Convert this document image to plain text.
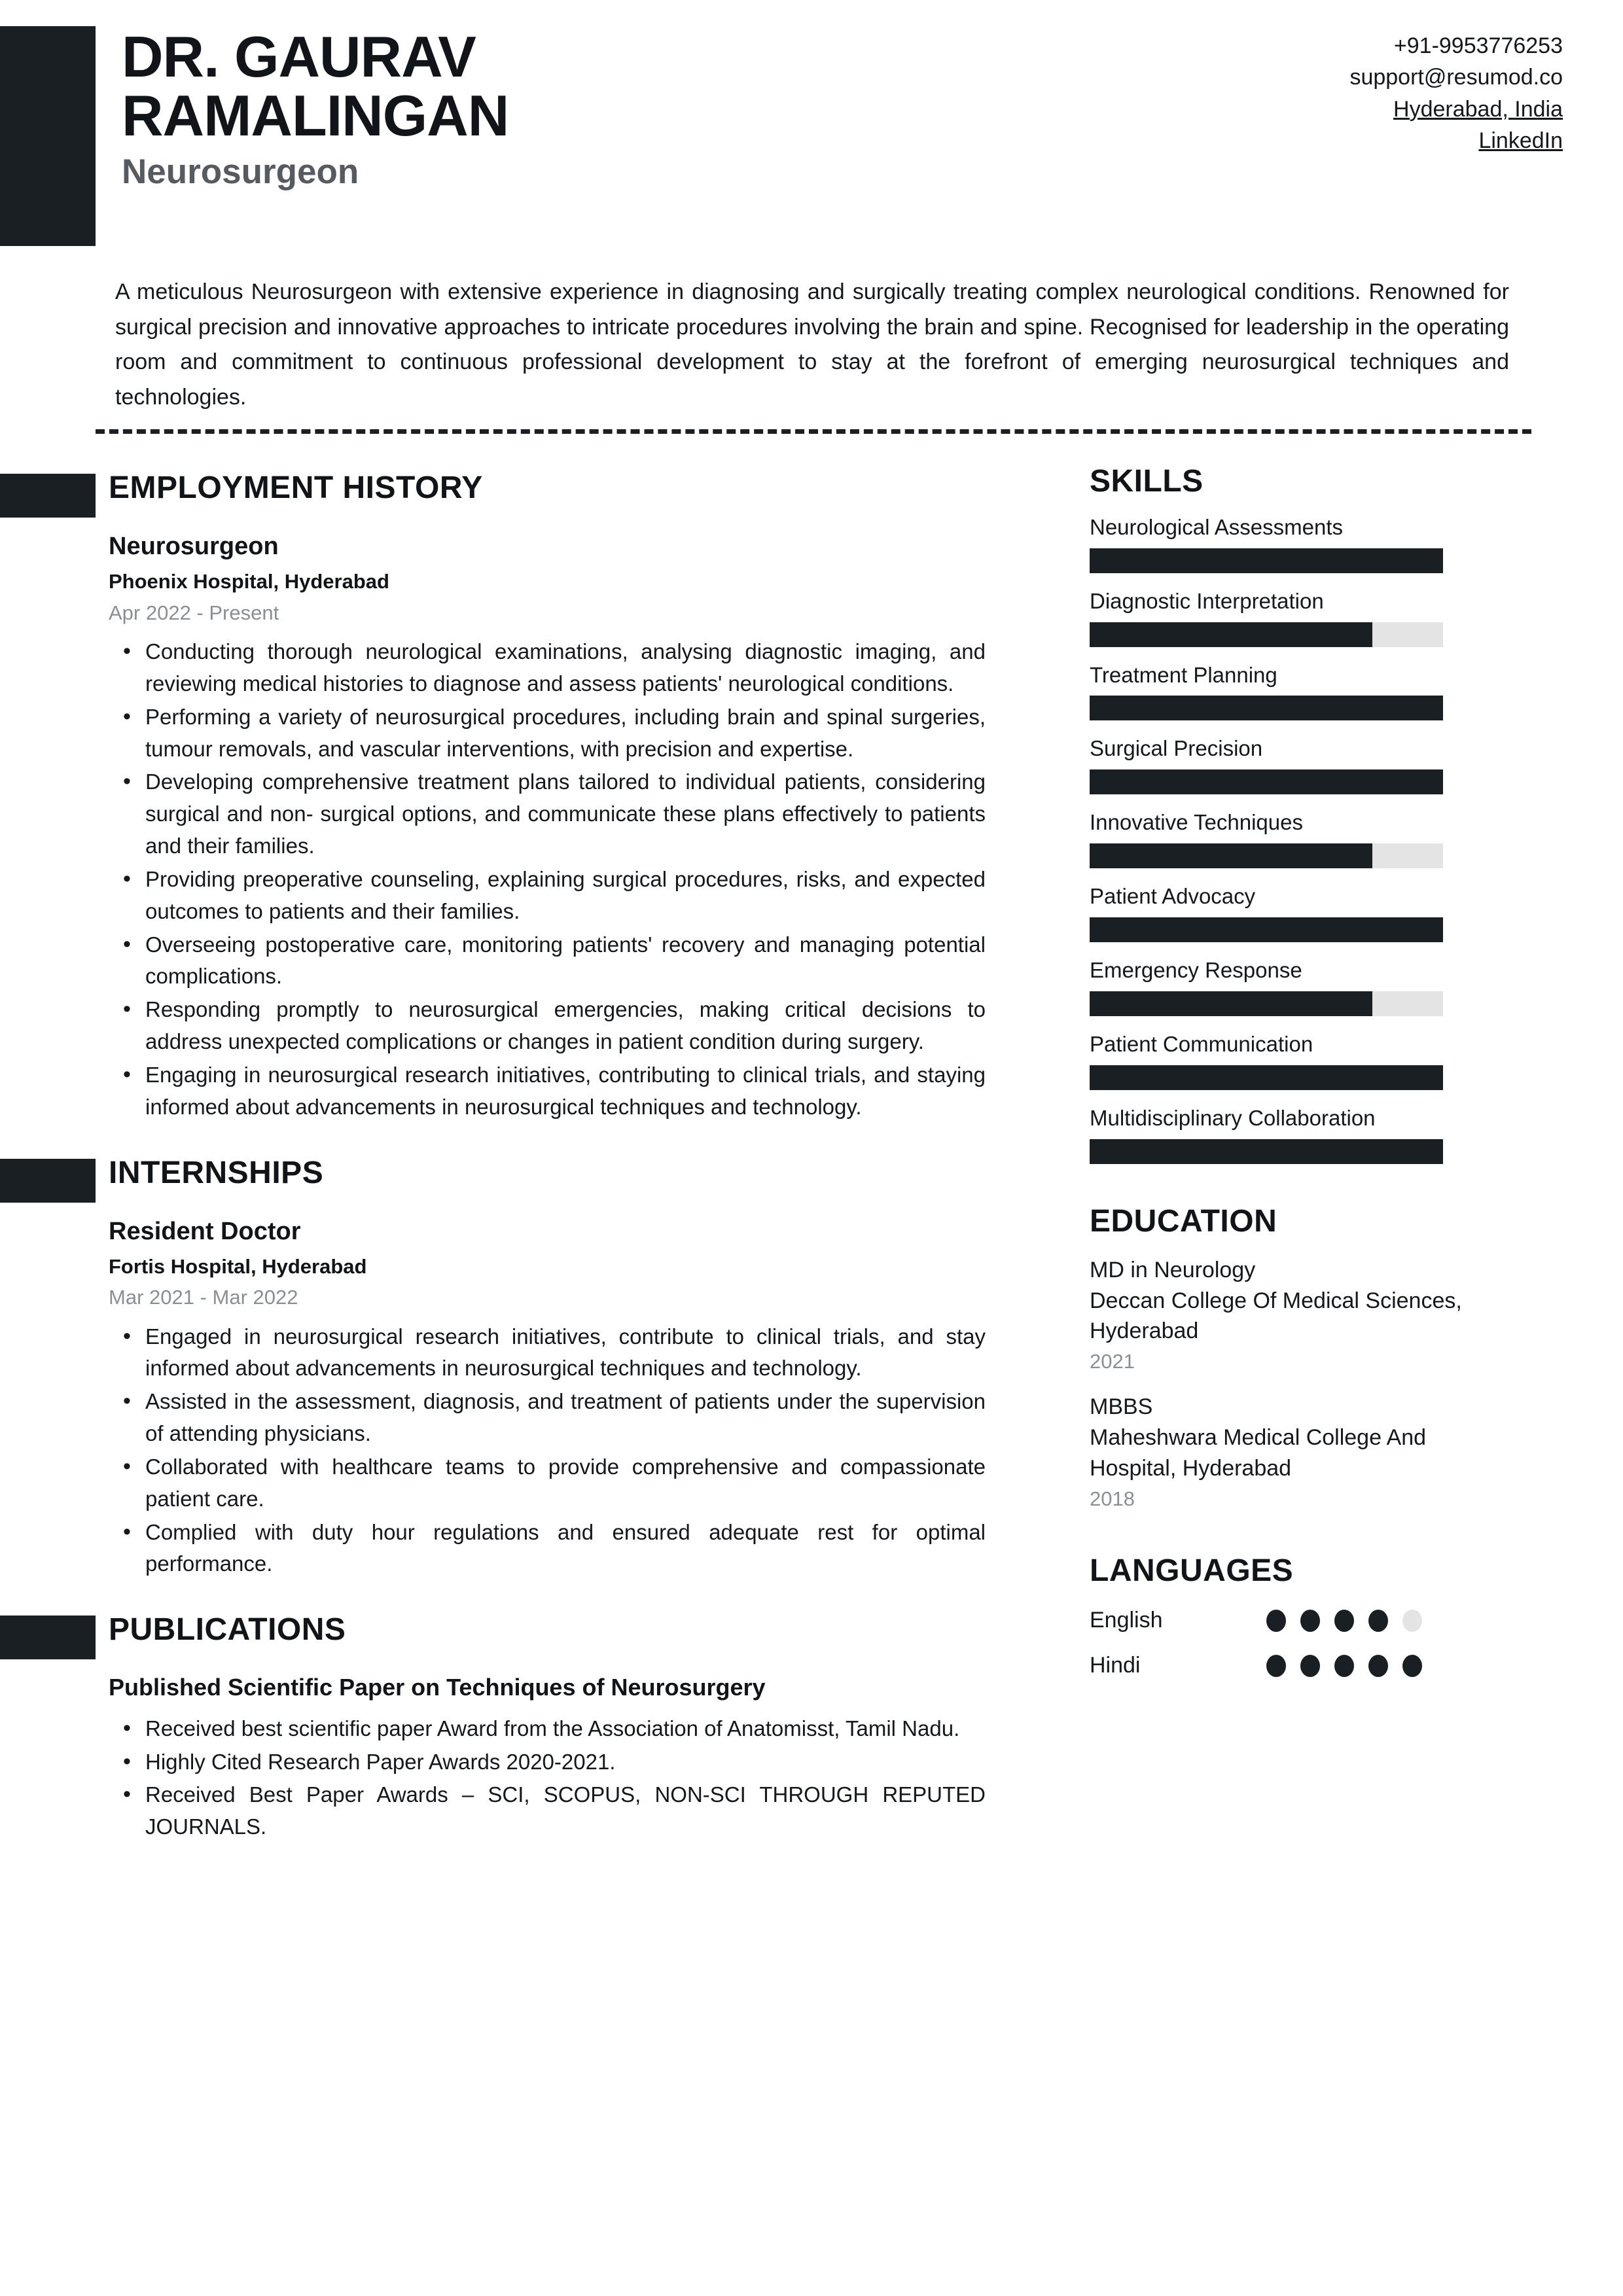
DR. GAURAV
RAMALINGAN
Neurosurgeon
+91-9953776253
support@resumod.co
Hyderabad, India
LinkedIn
A meticulous Neurosurgeon with extensive experience in diagnosing and surgically treating complex neurological conditions. Renowned for surgical precision and innovative approaches to intricate procedures involving the brain and spine. Recognised for leadership in the operating room and commitment to continuous professional development to stay at the forefront of emerging neurosurgical techniques and technologies.
EMPLOYMENT HISTORY
Neurosurgeon
Phoenix Hospital, Hyderabad
Apr 2022 - Present
• Conducting thorough neurological examinations, analysing diagnostic imaging, and reviewing medical histories to diagnose and assess patients' neurological conditions.
• Performing a variety of neurosurgical procedures, including brain and spinal surgeries, tumour removals, and vascular interventions, with precision and expertise.
• Developing comprehensive treatment plans tailored to individual patients, considering surgical and non- surgical options, and communicate these plans effectively to patients and their families.
• Providing preoperative counseling, explaining surgical procedures, risks, and expected outcomes to patients and their families.
• Overseeing postoperative care, monitoring patients' recovery and managing potential complications.
• Responding promptly to neurosurgical emergencies, making critical decisions to address unexpected complications or changes in patient condition during surgery.
• Engaging in neurosurgical research initiatives, contributing to clinical trials, and staying informed about advancements in neurosurgical techniques and technology.
INTERNSHIPS
Resident Doctor
Fortis Hospital, Hyderabad
Mar 2021 - Mar 2022
• Engaged in neurosurgical research initiatives, contribute to clinical trials, and stay informed about advancements in neurosurgical techniques and technology.
• Assisted in the assessment, diagnosis, and treatment of patients under the supervision of attending physicians.
• Collaborated with healthcare teams to provide comprehensive and compassionate patient care.
• Complied with duty hour regulations and ensured adequate rest for optimal performance.
PUBLICATIONS
Published Scientific Paper on Techniques of Neurosurgery
• Received best scientific paper Award from the Association of Anatomisst, Tamil Nadu.
• Highly Cited Research Paper Awards 2020-2021.
• Received Best Paper Awards – SCI, SCOPUS, NON-SCI THROUGH REPUTED JOURNALS.
SKILLS
Neurological Assessments
Diagnostic Interpretation
Treatment Planning
Surgical Precision
Innovative Techniques
Patient Advocacy
Emergency Response
Patient Communication
Multidisciplinary Collaboration
EDUCATION
MD in Neurology
Deccan College Of Medical Sciences, Hyderabad
2021
MBBS
Maheshwara Medical College And Hospital, Hyderabad
2018
LANGUAGES
English
Hindi
